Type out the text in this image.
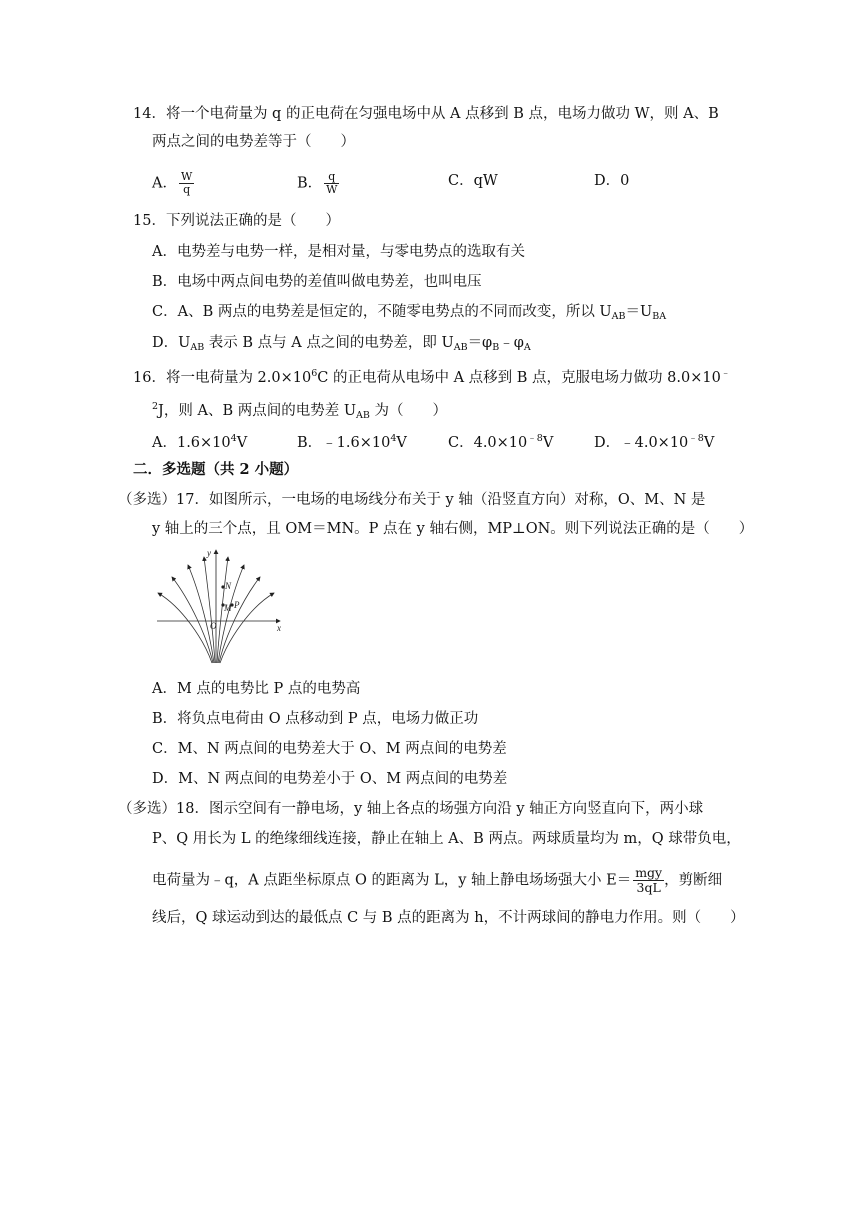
14．将一个电荷量为 q 的正电荷在匀强电场中从 A 点移到 B 点，电场力做功 W，则 A、B
两点之间的电势差等于（　　）
A． $\frac{W}{q}$	B． $\frac{q}{W}$	C．qW	D．0
15．下列说法正确的是（　　）
A．电势差与电势一样，是相对量，与零电势点的选取有关
B．电场中两点间电势的差值叫做电势差，也叫电压
C．A、B 两点的电势差是恒定的，不随零电势点的不同而改变，所以 $U_{AB}=U_{BA}$
D．$U_{AB}$ 表示 B 点与 A 点之间的电势差，即 $U_{AB}=\varphi_B﹣\varphi_A$
16．将一电荷量为 $2.0\times 10^6C$ 的正电荷从电场中 A 点移到 B 点，克服电场力做功 8.0×10﹣
$^2$J，则 A、B 两点间的电势差 $U_{AB}$ 为（　　）
A．$1.6\times 10^4V$	B．$﹣1.6\times 10^4V$	C．$4.0\times 10^{﹣8}V$	D．$﹣4.0\times 10^{﹣8}V$
二．多选题（共 2 小题）
（多选）17．如图所示，一电场的电场线分布关于 y 轴（沿竖直方向）对称，O、M、N 是
y 轴上的三个点，且 OM＝MN。P 点在 y 轴右侧，MP⊥ON。则下列说法正确的是（　　）
y
x
N
M P
O
A．M 点的电势比 P 点的电势高
B．将负点电荷由 O 点移动到 P 点，电场力做正功
C．M、N 两点间的电势差大于 O、M 两点间的电势差
D．M、N 两点间的电势差小于 O、M 两点间的电势差
（多选）18．图示空间有一静电场，y 轴上各点的场强方向沿 y 轴正方向竖直向下，两小球
P、Q 用长为 L 的绝缘细线连接，静止在轴上 A、B 两点。两球质量均为 m，Q 球带负电，
电荷量为﹣q，A 点距坐标原点 O 的距离为 L，y 轴上静电场场强大小 $E= \frac{\text{mgy}}{3qL}$ ，剪断细
线后，Q 球运动到达的最低点 C 与 B 点的距离为 h，不计两球间的静电力作用。则（　　）
